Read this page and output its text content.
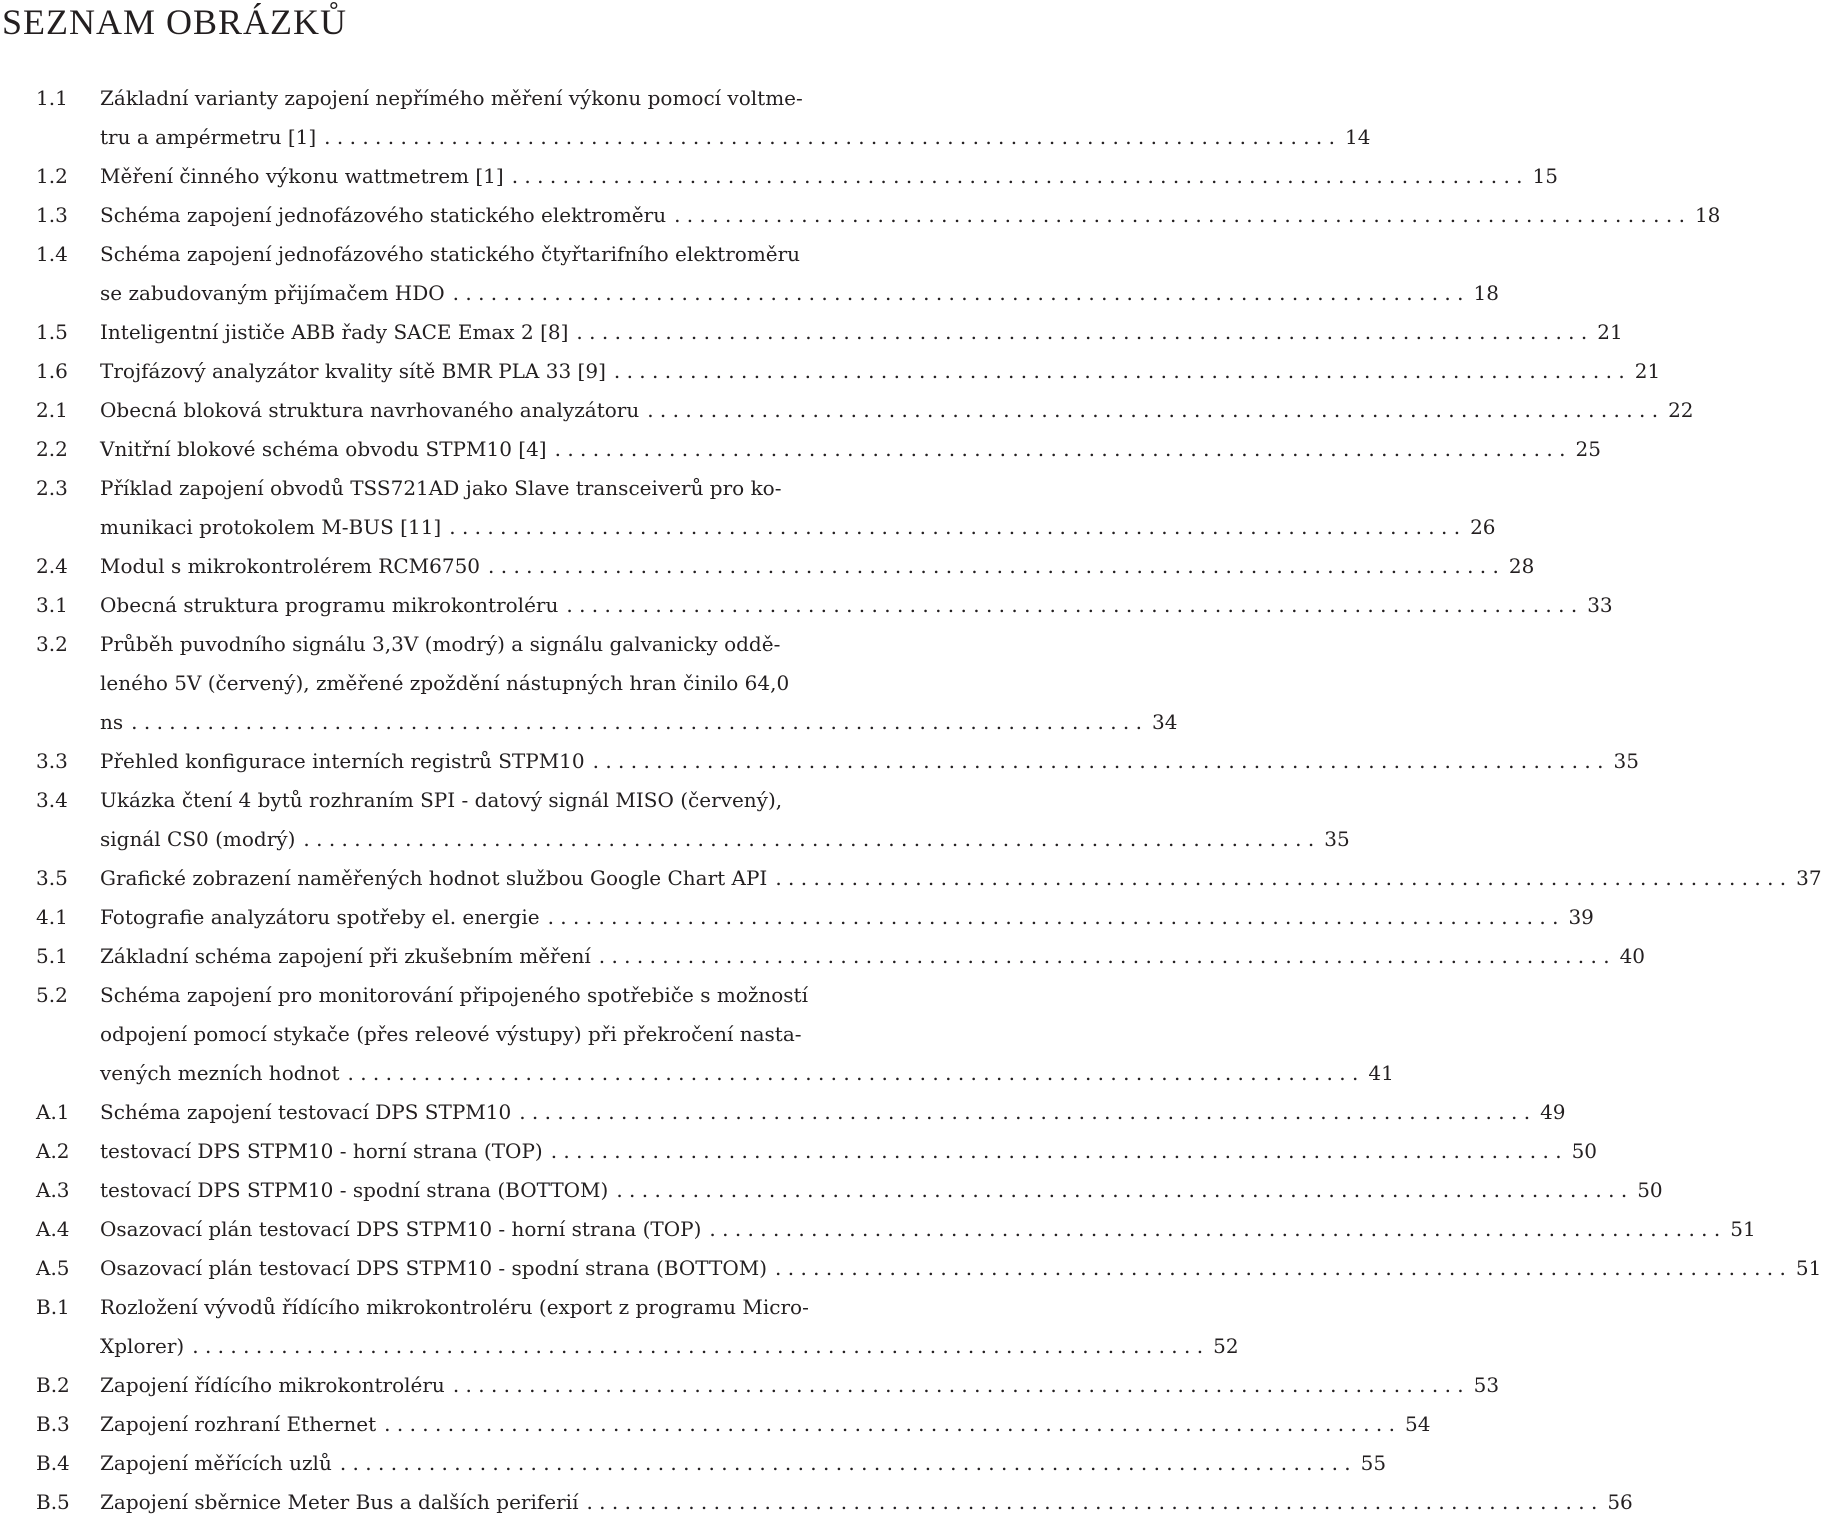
SEZNAM OBRÁZKŮ
1.1 Základní varianty zapojení nepřímého měření výkonu pomocí voltme-
tru a ampérmetru [1] . . . . . . . . . . . . . . . . . . . . . . . . . . . . . . . . . . . . . . . . . . . . . . . . . . . . . . . . . . . . . . . . . . . . . . . . . . . . . . . . 14
1.2 Měření činného výkonu wattmetrem [1] . . . . . . . . . . . . . . . . . . . . . . . . . . . . . . . . . . . . . . . . . . . . . . . . . . . . . . . . . . . . . . . . . . . . . . . . . . . . . . . . 15
1.3 Schéma zapojení jednofázového statického elektroměru . . . . . . . . . . . . . . . . . . . . . . . . . . . . . . . . . . . . . . . . . . . . . . . . . . . . . . . . . . . . . . . . . . . . . . . . . . . . . . . . 18
1.4 Schéma zapojení jednofázového statického čtyřtarifního elektroměru
se zabudovaným přijímačem HDO . . . . . . . . . . . . . . . . . . . . . . . . . . . . . . . . . . . . . . . . . . . . . . . . . . . . . . . . . . . . . . . . . . . . . . . . . . . . . . . . 18
1.5 Inteligentní jističe ABB řady SACE Emax 2 [8] . . . . . . . . . . . . . . . . . . . . . . . . . . . . . . . . . . . . . . . . . . . . . . . . . . . . . . . . . . . . . . . . . . . . . . . . . . . . . . . . 21
1.6 Trojfázový analyzátor kvality sítě BMR PLA 33 [9] . . . . . . . . . . . . . . . . . . . . . . . . . . . . . . . . . . . . . . . . . . . . . . . . . . . . . . . . . . . . . . . . . . . . . . . . . . . . . . . . 21
2.1 Obecná bloková struktura navrhovaného analyzátoru . . . . . . . . . . . . . . . . . . . . . . . . . . . . . . . . . . . . . . . . . . . . . . . . . . . . . . . . . . . . . . . . . . . . . . . . . . . . . . . . 22
2.2 Vnitřní blokové schéma obvodu STPM10 [4] . . . . . . . . . . . . . . . . . . . . . . . . . . . . . . . . . . . . . . . . . . . . . . . . . . . . . . . . . . . . . . . . . . . . . . . . . . . . . . . . 25
2.3 Příklad zapojení obvodů TSS721AD jako Slave transceiverů pro ko-
munikaci protokolem M-BUS [11] . . . . . . . . . . . . . . . . . . . . . . . . . . . . . . . . . . . . . . . . . . . . . . . . . . . . . . . . . . . . . . . . . . . . . . . . . . . . . . . . 26
2.4 Modul s mikrokontrolérem RCM6750 . . . . . . . . . . . . . . . . . . . . . . . . . . . . . . . . . . . . . . . . . . . . . . . . . . . . . . . . . . . . . . . . . . . . . . . . . . . . . . . . 28
3.1 Obecná struktura programu mikrokontroléru . . . . . . . . . . . . . . . . . . . . . . . . . . . . . . . . . . . . . . . . . . . . . . . . . . . . . . . . . . . . . . . . . . . . . . . . . . . . . . . . 33
3.2 Průběh puvodního signálu 3,3V (modrý) a signálu galvanicky oddě-
leného 5V (červený), změřené zpoždění nástupných hran činilo 64,0
ns . . . . . . . . . . . . . . . . . . . . . . . . . . . . . . . . . . . . . . . . . . . . . . . . . . . . . . . . . . . . . . . . . . . . . . . . . . . . . . . . 34
3.3 Přehled konfigurace interních registrů STPM10 . . . . . . . . . . . . . . . . . . . . . . . . . . . . . . . . . . . . . . . . . . . . . . . . . . . . . . . . . . . . . . . . . . . . . . . . . . . . . . . . 35
3.4 Ukázka čtení 4 bytů rozhraním SPI - datový signál MISO (červený),
signál CS0 (modrý) . . . . . . . . . . . . . . . . . . . . . . . . . . . . . . . . . . . . . . . . . . . . . . . . . . . . . . . . . . . . . . . . . . . . . . . . . . . . . . . . 35
3.5 Grafické zobrazení naměřených hodnot službou Google Chart API . . . . . . . . . . . . . . . . . . . . . . . . . . . . . . . . . . . . . . . . . . . . . . . . . . . . . . . . . . . . . . . . . . . . . . . . . . . . . . . . 37
4.1 Fotografie analyzátoru spotřeby el. energie . . . . . . . . . . . . . . . . . . . . . . . . . . . . . . . . . . . . . . . . . . . . . . . . . . . . . . . . . . . . . . . . . . . . . . . . . . . . . . . . 39
5.1 Základní schéma zapojení při zkušebním měření . . . . . . . . . . . . . . . . . . . . . . . . . . . . . . . . . . . . . . . . . . . . . . . . . . . . . . . . . . . . . . . . . . . . . . . . . . . . . . . . 40
5.2 Schéma zapojení pro monitorování připojeného spotřebiče s možností
odpojení pomocí stykače (přes releové výstupy) při překročení nasta-
vených mezních hodnot . . . . . . . . . . . . . . . . . . . . . . . . . . . . . . . . . . . . . . . . . . . . . . . . . . . . . . . . . . . . . . . . . . . . . . . . . . . . . . . . 41
A.1 Schéma zapojení testovací DPS STPM10 . . . . . . . . . . . . . . . . . . . . . . . . . . . . . . . . . . . . . . . . . . . . . . . . . . . . . . . . . . . . . . . . . . . . . . . . . . . . . . . . 49
A.2 testovací DPS STPM10 - horní strana (TOP) . . . . . . . . . . . . . . . . . . . . . . . . . . . . . . . . . . . . . . . . . . . . . . . . . . . . . . . . . . . . . . . . . . . . . . . . . . . . . . . . 50
A.3 testovací DPS STPM10 - spodní strana (BOTTOM) . . . . . . . . . . . . . . . . . . . . . . . . . . . . . . . . . . . . . . . . . . . . . . . . . . . . . . . . . . . . . . . . . . . . . . . . . . . . . . . . 50
A.4 Osazovací plán testovací DPS STPM10 - horní strana (TOP) . . . . . . . . . . . . . . . . . . . . . . . . . . . . . . . . . . . . . . . . . . . . . . . . . . . . . . . . . . . . . . . . . . . . . . . . . . . . . . . . 51
A.5 Osazovací plán testovací DPS STPM10 - spodní strana (BOTTOM) . . . . . . . . . . . . . . . . . . . . . . . . . . . . . . . . . . . . . . . . . . . . . . . . . . . . . . . . . . . . . . . . . . . . . . . . . . . . . . . . 51
B.1 Rozložení vývodů řídícího mikrokontroléru (export z programu Micro-
Xplorer) . . . . . . . . . . . . . . . . . . . . . . . . . . . . . . . . . . . . . . . . . . . . . . . . . . . . . . . . . . . . . . . . . . . . . . . . . . . . . . . . 52
B.2 Zapojení řídícího mikrokontroléru . . . . . . . . . . . . . . . . . . . . . . . . . . . . . . . . . . . . . . . . . . . . . . . . . . . . . . . . . . . . . . . . . . . . . . . . . . . . . . . . 53
B.3 Zapojení rozhraní Ethernet . . . . . . . . . . . . . . . . . . . . . . . . . . . . . . . . . . . . . . . . . . . . . . . . . . . . . . . . . . . . . . . . . . . . . . . . . . . . . . . . 54
B.4 Zapojení měřících uzlů . . . . . . . . . . . . . . . . . . . . . . . . . . . . . . . . . . . . . . . . . . . . . . . . . . . . . . . . . . . . . . . . . . . . . . . . . . . . . . . . 55
B.5 Zapojení sběrnice Meter Bus a dalších periferií . . . . . . . . . . . . . . . . . . . . . . . . . . . . . . . . . . . . . . . . . . . . . . . . . . . . . . . . . . . . . . . . . . . . . . . . . . . . . . . . 56
